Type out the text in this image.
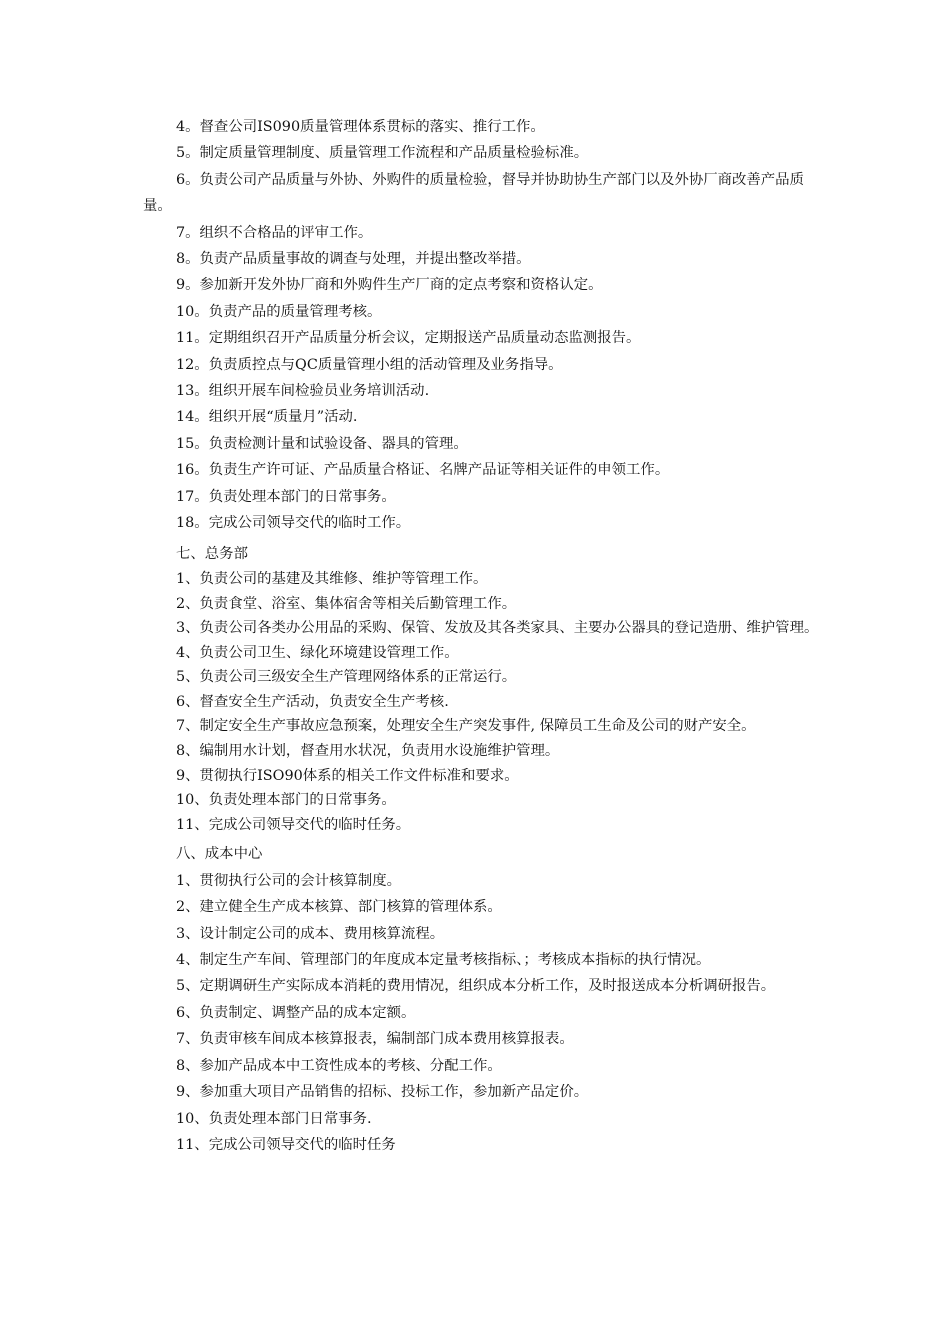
4。督查公司IS090质量管理体系贯标的落实、推行工作。

5。制定质量管理制度、质量管理工作流程和产品质量检验标准。

6。负责公司产品质量与外协、外购件的质量检验，督导并协助协生产部门以及外协厂商改善产品质量。

7。组织不合格品的评审工作。

8。负责产品质量事故的调查与处理，并提出整改举措。

9。参加新开发外协厂商和外购件生产厂商的定点考察和资格认定。

10。负责产品的质量管理考核。

11。定期组织召开产品质量分析会议，定期报送产品质量动态监测报告。

12。负责质控点与QC质量管理小组的活动管理及业务指导。

13。组织开展车间检验员业务培训活动.

14。组织开展“质量月”活动.

15。负责检测计量和试验设备、器具的管理。

16。负责生产许可证、产品质量合格证、名牌产品证等相关证件的申领工作。

17。负责处理本部门的日常事务。

18。完成公司领导交代的临时工作。

七、总务部

1、负责公司的基建及其维修、维护等管理工作。

2、负责食堂、浴室、集体宿舍等相关后勤管理工作。

3、负责公司各类办公用品的采购、保管、发放及其各类家具、主要办公器具的登记造册、维护管理。

4、负责公司卫生、绿化环境建设管理工作。

5、负责公司三级安全生产管理网络体系的正常运行。

6、督查安全生产活动，负责安全生产考核.

7、制定安全生产事故应急预案，处理安全生产突发事件, 保障员工生命及公司的财产安全。

8、编制用水计划，督查用水状况，负责用水设施维护管理。

9、贯彻执行ISO90体系的相关工作文件标准和要求。

10、负责处理本部门的日常事务。

11、完成公司领导交代的临时任务。

八、成本中心

1、贯彻执行公司的会计核算制度。

2、建立健全生产成本核算、部门核算的管理体系。

3、设计制定公司的成本、费用核算流程。

4、制定生产车间、管理部门的年度成本定量考核指标、；考核成本指标的执行情况。

5、定期调研生产实际成本消耗的费用情况，组织成本分析工作，及时报送成本分析调研报告。

6、负责制定、调整产品的成本定额。

7、负责审核车间成本核算报表，编制部门成本费用核算报表。

8、参加产品成本中工资性成本的考核、分配工作。

9、参加重大项目产品销售的招标、投标工作，参加新产品定价。

10、负责处理本部门日常事务.

11、完成公司领导交代的临时任务
